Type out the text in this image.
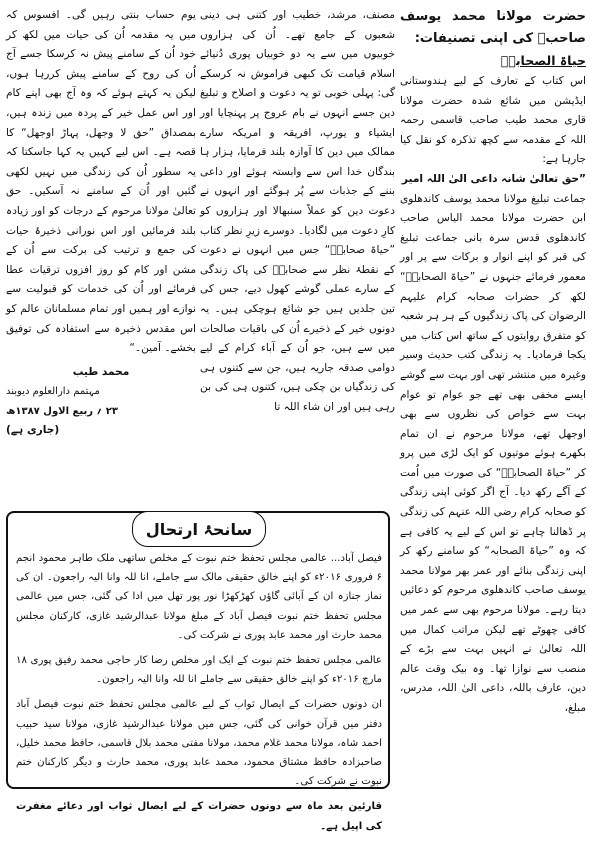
حضرت مولانا محمد یوسف صاحبؒ کی اپنی تصنیفات:

حیاۃ الصحابہؓ

اس کتاب کے تعارف کے لیے ہندوستانی ایڈیشن میں شائع شدہ حضرت مولانا قاری محمد طیب صاحب قاسمی رحمہ اللہ کے مقدمہ سے کچھ تذکرہ کو نقل کیا جارہا ہے:

”حق تعالیٰ شانہ داعی الیٰ اللہ امیر

جماعت تبلیغ مولانا محمد یوسف کاندھلوی ابن حضرت مولانا محمد الیاس صاحب کاندھلوی قدس سرہ بانی جماعت تبلیغ کی قبر کو اپنے انوار و برکات سے پر اور معمور فرمائے جنہوں نے ”حیاۃ الصحابہؓ“ لکھ کر حضرات صحابہ کرام علیہم الرضوان کی پاک زندگیوں کے ہر ہر شعبہ کو متفرق روایتوں کے ساتھ اس کتاب میں یکجا فرمادیا۔ یہ زندگی کتب حدیث وسیر وغیرہ میں منتشر تھی اور بہت سے گوشے ایسے مخفی بھی تھے جو عوام تو عوام بہت سے خواص کی نظروں سے بھی اوجھل تھے، مولانا مرحوم نے ان تمام بکھرے ہوئے موتیوں کو ایک لڑی میں پرو کر ”حیاۃ الصحابہؓ“ کی صورت میں اُمت کے آگے رکھ دیا۔ آج اگر کوئی اپنی زندگی کو صحابہ کرام رضی اللہ عنہم کی زندگی پر ڈھالنا چاہے تو اس کے لیے یہ کافی ہے کہ وہ ”حیاۃ الصحابہ“ کو سامنے رکھ کر اپنی زندگی بنائے اور عمر بھر مولانا محمد یوسف صاحب کاندھلوی مرحوم کو دعائیں دیتا رہے۔ مولانا مرحوم بھی سے عمر میں کافی چھوٹے تھے لیکن مراتب کمال میں اللہ تعالیٰ نے انہیں بہت سے بڑے کے منصب سے نوازا تھا۔ وہ بیک وقت عالم دین، عارف باللہ، داعی الیٰ اللہ، مدرس، مبلغ،

مصنف، مرشد، خطیب اور کتنی ہی دینی شعبوں کے جامع تھے۔ اُن کی ہزاروں خوبیوں میں سے یہ دو خوبیاں پوری دُنیائے اسلام قیامت تک کبھی فراموش نہ کرسکے گی: پہلی خوبی تو یہ دعوت و اصلاح و تبلیغ دین جسے انہوں نے بام عروج پر پہنچایا اور ایشیاء و یورپ، افریقہ و امریکہ سارے ممالک میں دین کا آوازہ بلند فرمایا، ہزار ہا بندگان خدا اس سے وابستہ ہوئے اور داعی بننے کے جذبات سے پُر ہوگئے اور انہوں نے دعوت دین کو عملاً سنبھالا اور ہزاروں کو کارِ دعوت میں لگادیا۔ دوسرے زیرِ نظر کتاب ”حیاۃ صحابہؓ“ جس میں انہوں نے دعوت کے نقطۂ نظر سے صحابہؓ کی پاک زندگی کے سارے عملی گوشے کھول دیے، جس کی تین جلدیں ہیں جو شائع ہوچکی ہیں۔ یہ دونوں خیر کے ذخیرے اُن کی باقیات صالحات میں سے ہیں، جو اُن کے آباء کرام کے لیے دوامی صدقہ جاریہ ہیں، جن سے کتنوں ہی کی زندگیاں بن چکی ہیں، کتنوں ہی کی بن رہی ہیں اور ان شاء اللہ تا

یوم حساب بنتی رہیں گی۔ افسوس کہ میں یہ مقدمہ اُن کی حیات میں لکھ کر خود اُن کے سامنے پیش نہ کرسکا جسے آج اُن کی روح کے سامنے پیش کررہا ہوں، لیکن یہ کہتے ہوئے کہ وہ آج بھی اپنے کام اور اس عمل خیر کے پردہ میں زندہ ہیں، بمصداق ”حق لا وجھل، پہاڑ اوجھل“ کا قصہ ہے۔ اس لیے کہیں یہ کہا جاسکتا کہ یہ سطور اُن کی زندگی میں نہیں لکھی گئیں اور اُن کے سامنے نہ آسکیں۔ حق تعالیٰ مولانا مرحوم کے درجات کو اور زیادہ بلند فرمائیں اور اس نورانی ذخیرۂ حیات کی جمع و ترتیب کی برکت سے اُن کے مشن اور کام کو روز افزوں ترقیات عطا فرمائے اور اُن کی خدمات کو قبولیت سے نوازے اور ہمیں اور تمام مسلمانان عالم کو اس مقدس ذخیرہ سے استفادہ کی توفیق بخشے۔ آمین۔“

محمد طیب
مہتمم دارالعلوم دیوبند
۲۳ ؍ ربیع الاول ۱۳۸۷ھ

(جاری ہے)

سانحۂ ارتحال

فیصل آباد... عالمی مجلس تحفظ ختم نبوت کے مخلص ساتھی ملک طاہر محمود انجم ۶ فروری ۲۰۱۶ء کو اپنے خالق حقیقی مالک سے جاملے، انا للہ وانا الیہ راجعون۔ ان کی نماز جنازہ ان کے آبائی گاؤں کھڑکھڑا نور پور تھل میں ادا کی گئی، جس میں عالمی مجلس تحفظ ختم نبوت فیصل آباد کے مبلغ مولانا عبدالرشید غازی، کارکنان مجلس محمد حارث اور محمد عابد پوری نے شرکت کی۔

عالمی مجلس تحفظ ختم نبوت کے ایک اور مخلص رضا کار حاجی محمد رفیق پوری ۱۸ مارچ ۲۰۱۶ء کو اپنے خالق حقیقی سے جاملے انا للہ وانا الیہ راجعون۔

ان دونوں حضرات کے ایصال ثواب کے لیے عالمی مجلس تحفظ ختم نبوت فیصل آباد دفتر میں قرآن خوانی کی گئی، جس میں مولانا عبدالرشید غازی، مولانا سید حبیب احمد شاہ، مولانا محمد غلام محمد، مولانا مفتی محمد بلال قاسمی، حافظ محمد خلیل، صاحبزادہ حافظ مشتاق محمود، محمد عابد پوری، محمد حارث و دیگر کارکنان ختم نبوت نے شرکت کی۔

قارئین بعد ماہ سے دونوں حضرات کے لیے ایصال ثواب اور دعائے مغفرت کی اپیل ہے۔
